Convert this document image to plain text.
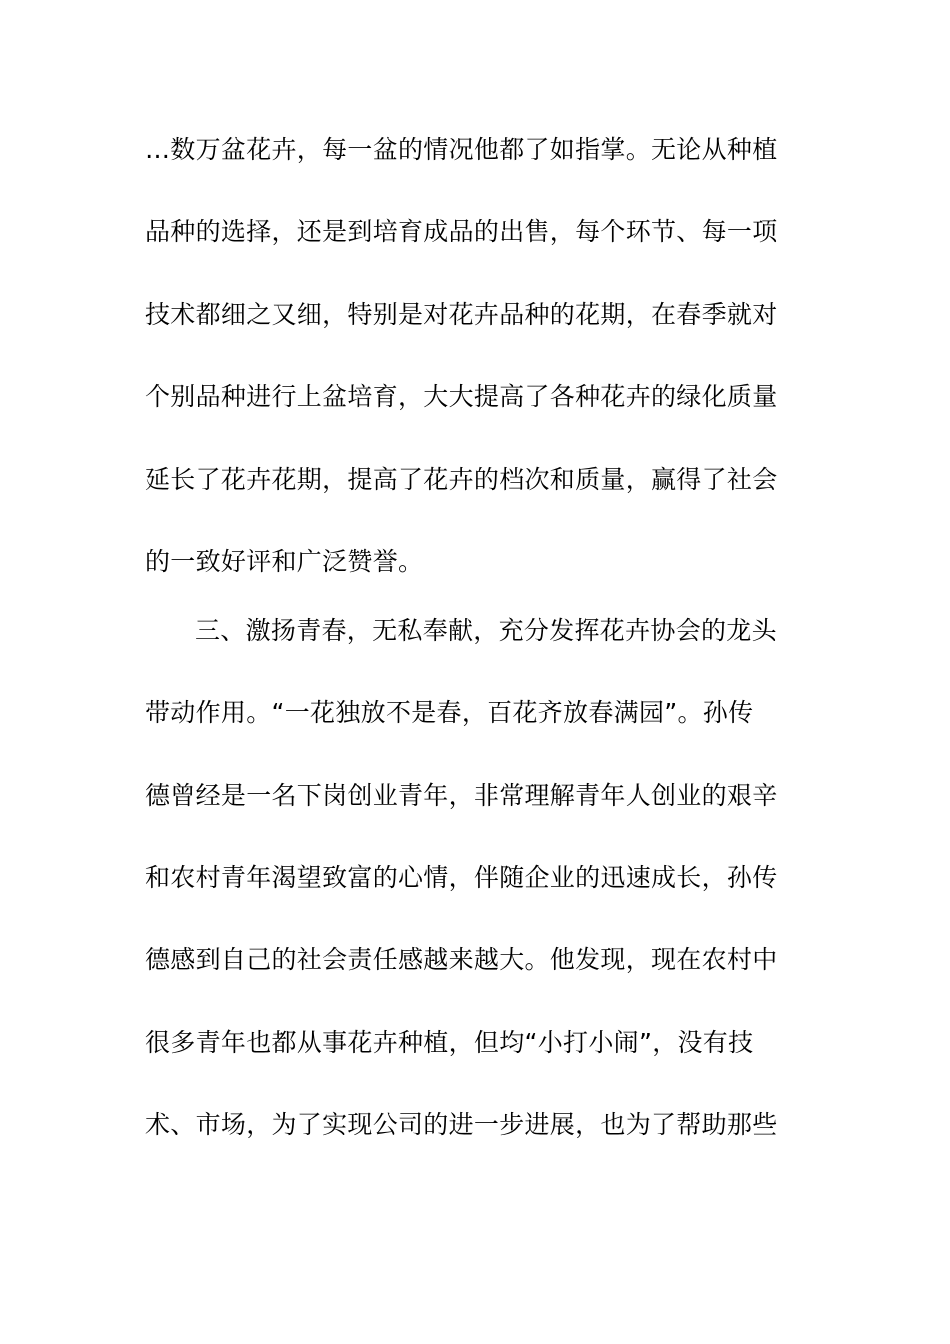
…数万盆花卉，每一盆的情况他都了如指掌。无论从种植
品种的选择，还是到培育成品的出售，每个环节、每一项
技术都细之又细，特别是对花卉品种的花期，在春季就对
个别品种进行上盆培育，大大提高了各种花卉的绿化质量
延长了花卉花期，提高了花卉的档次和质量，赢得了社会
的一致好评和广泛赞誉。
三、激扬青春，无私奉献，充分发挥花卉协会的龙头
带动作用。“一花独放不是春，百花齐放春满园”。孙传
德曾经是一名下岗创业青年，非常理解青年人创业的艰辛
和农村青年渴望致富的心情，伴随企业的迅速成长，孙传
德感到自己的社会责任感越来越大。他发现，现在农村中
很多青年也都从事花卉种植，但均“小打小闹”，没有技
术、市场，为了实现公司的进一步进展，也为了帮助那些
